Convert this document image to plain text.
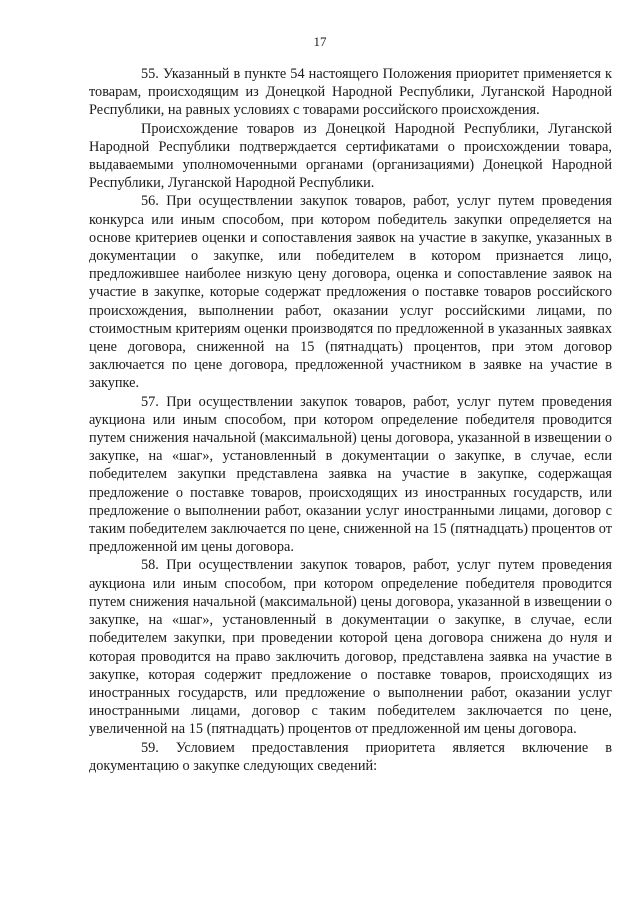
17

55. Указанный в пункте 54 настоящего Положения приоритет применяется к товарам, происходящим из Донецкой Народной Республики, Луганской Народной Республики, на равных условиях с товарами российского происхождения.

Происхождение товаров из Донецкой Народной Республики, Луганской Народной Республики подтверждается сертификатами о происхождении товара, выдаваемыми уполномоченными органами (организациями) Донецкой Народной Республики, Луганской Народной Республики.

56. При осуществлении закупок товаров, работ, услуг путем проведения конкурса или иным способом, при котором победитель закупки определяется на основе критериев оценки и сопоставления заявок на участие в закупке, указанных в документации о закупке, или победителем в котором признается лицо, предложившее наиболее низкую цену договора, оценка и сопоставление заявок на участие в закупке, которые содержат предложения о поставке товаров российского происхождения, выполнении работ, оказании услуг российскими лицами, по стоимостным критериям оценки производятся по предложенной в указанных заявках цене договора, сниженной на 15 (пятнадцать) процентов, при этом договор заключается по цене договора, предложенной участником в заявке на участие в закупке.

57. При осуществлении закупок товаров, работ, услуг путем проведения аукциона или иным способом, при котором определение победителя проводится путем снижения начальной (максимальной) цены договора, указанной в извещении о закупке, на «шаг», установленный в документации о закупке, в случае, если победителем закупки представлена заявка на участие в закупке, содержащая предложение о поставке товаров, происходящих из иностранных государств, или предложение о выполнении работ, оказании услуг иностранными лицами, договор с таким победителем заключается по цене, сниженной на 15 (пятнадцать) процентов от предложенной им цены договора.

58. При осуществлении закупок товаров, работ, услуг путем проведения аукциона или иным способом, при котором определение победителя проводится путем снижения начальной (максимальной) цены договора, указанной в извещении о закупке, на «шаг», установленный в документации о закупке, в случае, если победителем закупки, при проведении которой цена договора снижена до нуля и которая проводится на право заключить договор, представлена заявка на участие в закупке, которая содержит предложение о поставке товаров, происходящих из иностранных государств, или предложение о выполнении работ, оказании услуг иностранными лицами, договор с таким победителем заключается по цене, увеличенной на 15 (пятнадцать) процентов от предложенной им цены договора.

59. Условием предоставления приоритета является включение в документацию о закупке следующих сведений:
